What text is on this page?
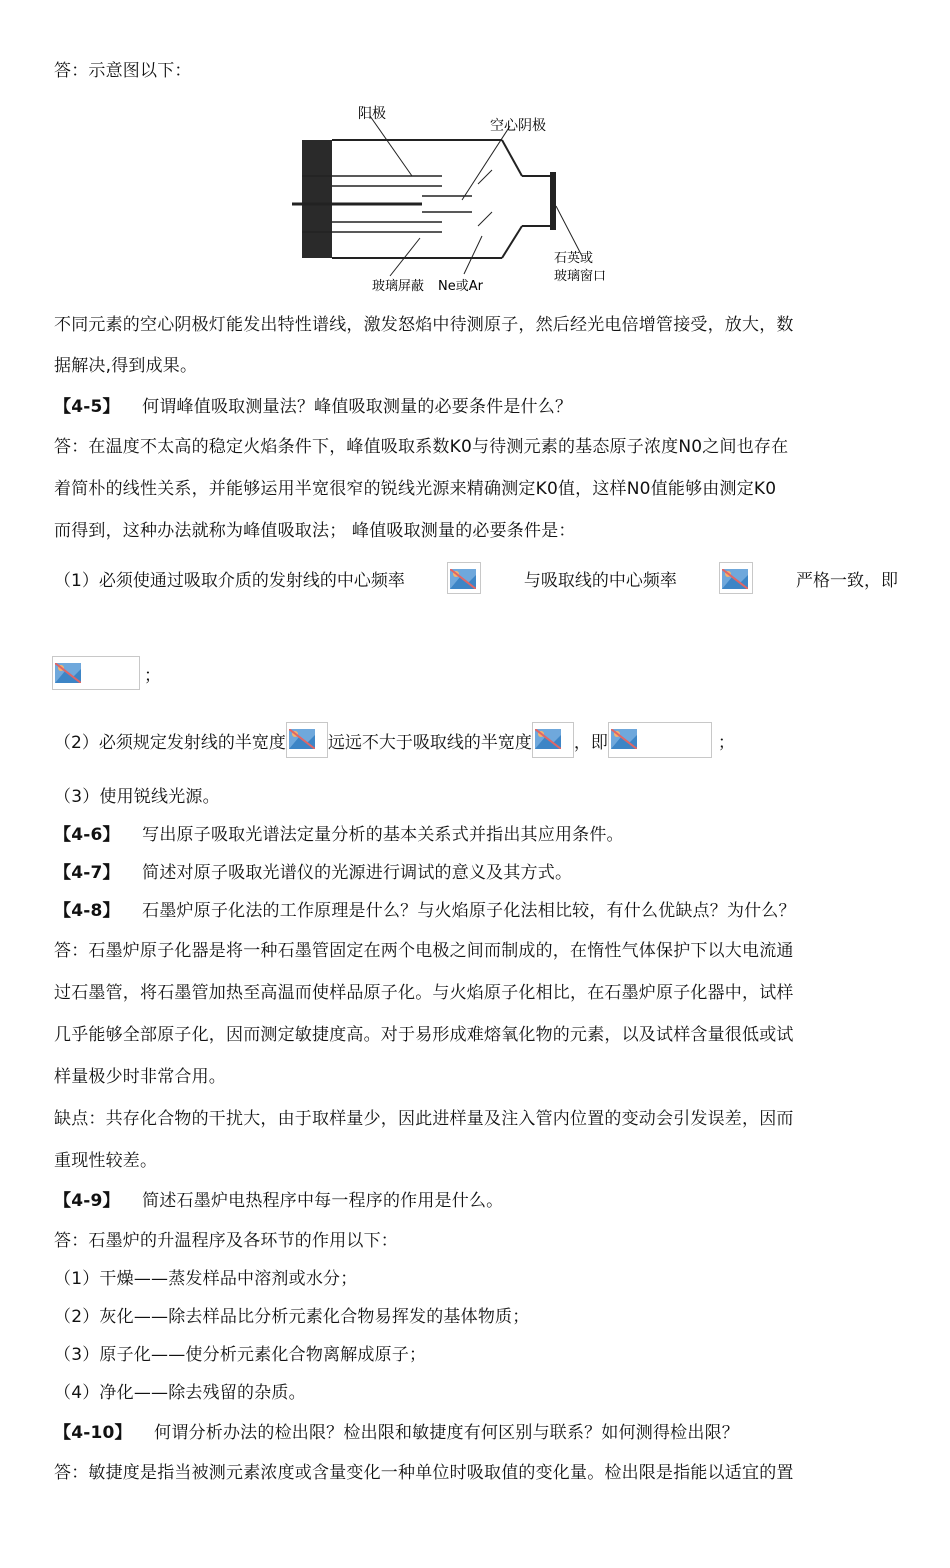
答：示意图以下：
阳极
空心阴极
石英或
玻璃窗口
玻璃屏蔽 Ne或Ar
不同元素的空心阴极灯能发出特性谱线，激发怒焰中待测原子，然后经光电倍增管接受，放大，数
据解决,得到成果。
【4-5】 何谓峰值吸取测量法？峰值吸取测量的必要条件是什么？
答：在温度不太高的稳定火焰条件下，峰值吸取系数K0与待测元素的基态原子浓度N0之间也存在
着简朴的线性关系，并能够运用半宽很窄的锐线光源来精确测定K0值，这样N0值能够由测定K0
而得到，这种办法就称为峰值吸取法； 峰值吸取测量的必要条件是：
（1）必须使通过吸取介质的发射线的中心频率	与吸取线的中心频率	严格一致，即
；
（2）必须规定发射线的半宽度 远远不大于吸取线的半宽度 ，即	；
（3）使用锐线光源。
【4-6】 写出原子吸取光谱法定量分析的基本关系式并指出其应用条件。
【4-7】 简述对原子吸取光谱仪的光源进行调试的意义及其方式。
【4-8】 石墨炉原子化法的工作原理是什么？与火焰原子化法相比较，有什么优缺点？为什么？
答：石墨炉原子化器是将一种石墨管固定在两个电极之间而制成的，在惰性气体保护下以大电流通
过石墨管，将石墨管加热至高温而使样品原子化。与火焰原子化相比，在石墨炉原子化器中，试样
几乎能够全部原子化，因而测定敏捷度高。对于易形成难熔氧化物的元素，以及试样含量很低或试
样量极少时非常合用。
缺点：共存化合物的干扰大，由于取样量少，因此进样量及注入管内位置的变动会引发误差，因而
重现性较差。
【4-9】 简述石墨炉电热程序中每一程序的作用是什么。
答：石墨炉的升温程序及各环节的作用以下：
（1）干燥——蒸发样品中溶剂或水分；
（2）灰化——除去样品比分析元素化合物易挥发的基体物质；
（3）原子化——使分析元素化合物离解成原子；
（4）净化——除去残留的杂质。
【4-10】 何谓分析办法的检出限？检出限和敏捷度有何区别与联系？如何测得检出限？
答：敏捷度是指当被测元素浓度或含量变化一种单位时吸取值的变化量。检出限是指能以适宜的置
